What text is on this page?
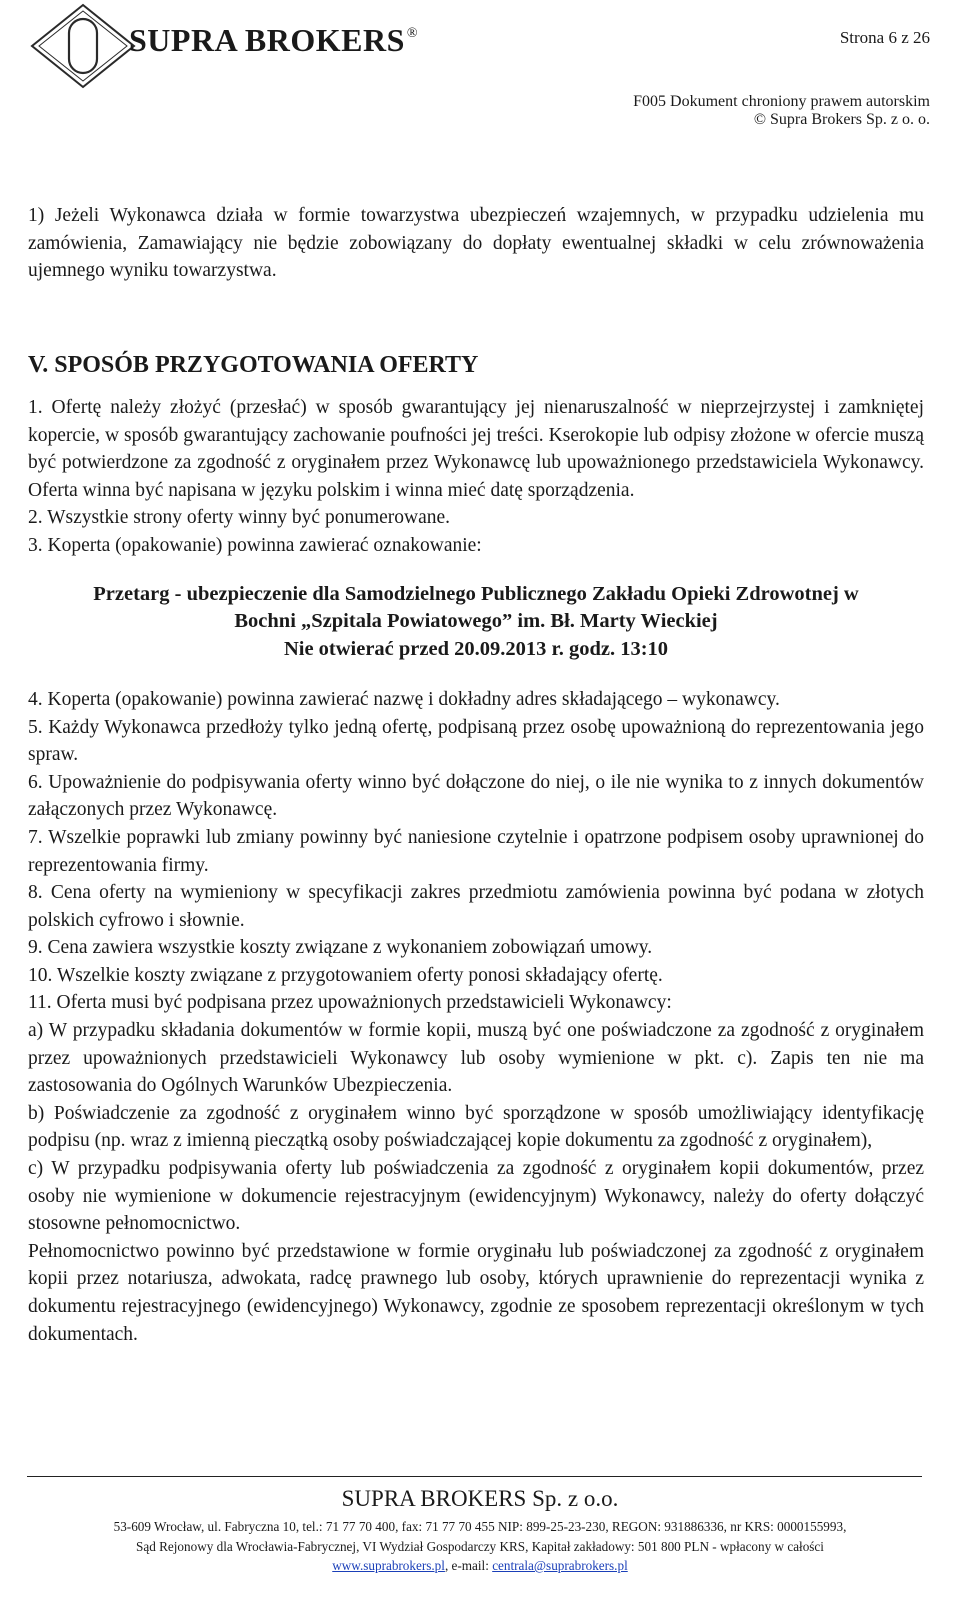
SUPRA BROKERS ®	Strona 6 z 26
F005 Dokument chroniony prawem autorskim
© Supra Brokers Sp. z o. o.
1) Jeżeli Wykonawca działa w formie towarzystwa ubezpieczeń wzajemnych, w przypadku udzielenia mu zamówienia, Zamawiający nie będzie zobowiązany do dopłaty ewentualnej składki w celu zrównoważenia ujemnego wyniku towarzystwa.
V. SPOSÓB PRZYGOTOWANIA OFERTY

1. Ofertę należy złożyć (przesłać) w sposób gwarantujący jej nienaruszalność w nieprzejrzystej i zamkniętej kopercie, w sposób gwarantujący zachowanie poufności jej treści. Kserokopie lub odpisy złożone w ofercie muszą być potwierdzone za zgodność z oryginałem przez Wykonawcę lub upoważnionego przedstawiciela Wykonawcy. Oferta winna być napisana w języku polskim i winna mieć datę sporządzenia.

2. Wszystkie strony oferty winny być ponumerowane.

3. Koperta (opakowanie) powinna zawierać oznakowanie:

Przetarg - ubezpieczenie dla Samodzielnego Publicznego Zakładu Opieki Zdrowotnej w
Bochni „Szpitala Powiatowego” im. Bł. Marty Wieckiej
Nie otwierać przed 20.09.2013 r. godz. 13:10

4. Koperta (opakowanie) powinna zawierać nazwę i dokładny adres składającego – wykonawcy.

5. Każdy Wykonawca przedłoży tylko jedną ofertę, podpisaną przez osobę upoważnioną do reprezentowania jego spraw.

6. Upoważnienie do podpisywania oferty winno być dołączone do niej, o ile nie wynika to z innych dokumentów załączonych przez Wykonawcę.

7. Wszelkie poprawki lub zmiany powinny być naniesione czytelnie i opatrzone podpisem osoby uprawnionej do reprezentowania firmy.

8. Cena oferty na wymieniony w specyfikacji zakres przedmiotu zamówienia powinna być podana w złotych polskich cyfrowo i słownie.

9. Cena zawiera wszystkie koszty związane z wykonaniem zobowiązań umowy.

10. Wszelkie koszty związane z przygotowaniem oferty ponosi składający ofertę.

11. Oferta musi być podpisana przez upoważnionych przedstawicieli Wykonawcy:

a) W przypadku składania dokumentów w formie kopii, muszą być one poświadczone za zgodność z oryginałem przez upoważnionych przedstawicieli Wykonawcy lub osoby wymienione w pkt. c). Zapis ten nie ma zastosowania do Ogólnych Warunków Ubezpieczenia.

b) Poświadczenie za zgodność z oryginałem winno być sporządzone w sposób umożliwiający identyfikację podpisu (np. wraz z imienną pieczątką osoby poświadczającej kopie dokumentu za zgodność z oryginałem),

c) W przypadku podpisywania oferty lub poświadczenia za zgodność z oryginałem kopii dokumentów, przez osoby nie wymienione w dokumencie rejestracyjnym (ewidencyjnym) Wykonawcy, należy do oferty dołączyć stosowne pełnomocnictwo.

Pełnomocnictwo powinno być przedstawione w formie oryginału lub poświadczonej za zgodność z oryginałem kopii przez notariusza, adwokata, radcę prawnego lub osoby, których uprawnienie do reprezentacji wynika z dokumentu rejestracyjnego (ewidencyjnego) Wykonawcy, zgodnie ze sposobem reprezentacji określonym w tych dokumentach.

SUPRA BROKERS Sp. z o.o.
53-609 Wrocław, ul. Fabryczna 10, tel.: 71 77 70 400, fax: 71 77 70 455 NIP: 899-25-23-230, REGON: 931886336, nr KRS: 0000155993,
Sąd Rejonowy dla Wrocławia-Fabrycznej, VI Wydział Gospodarczy KRS, Kapitał zakładowy: 501 800 PLN - wpłacony w całości
www.suprabrokers.pl, e-mail: centrala@suprabrokers.pl
